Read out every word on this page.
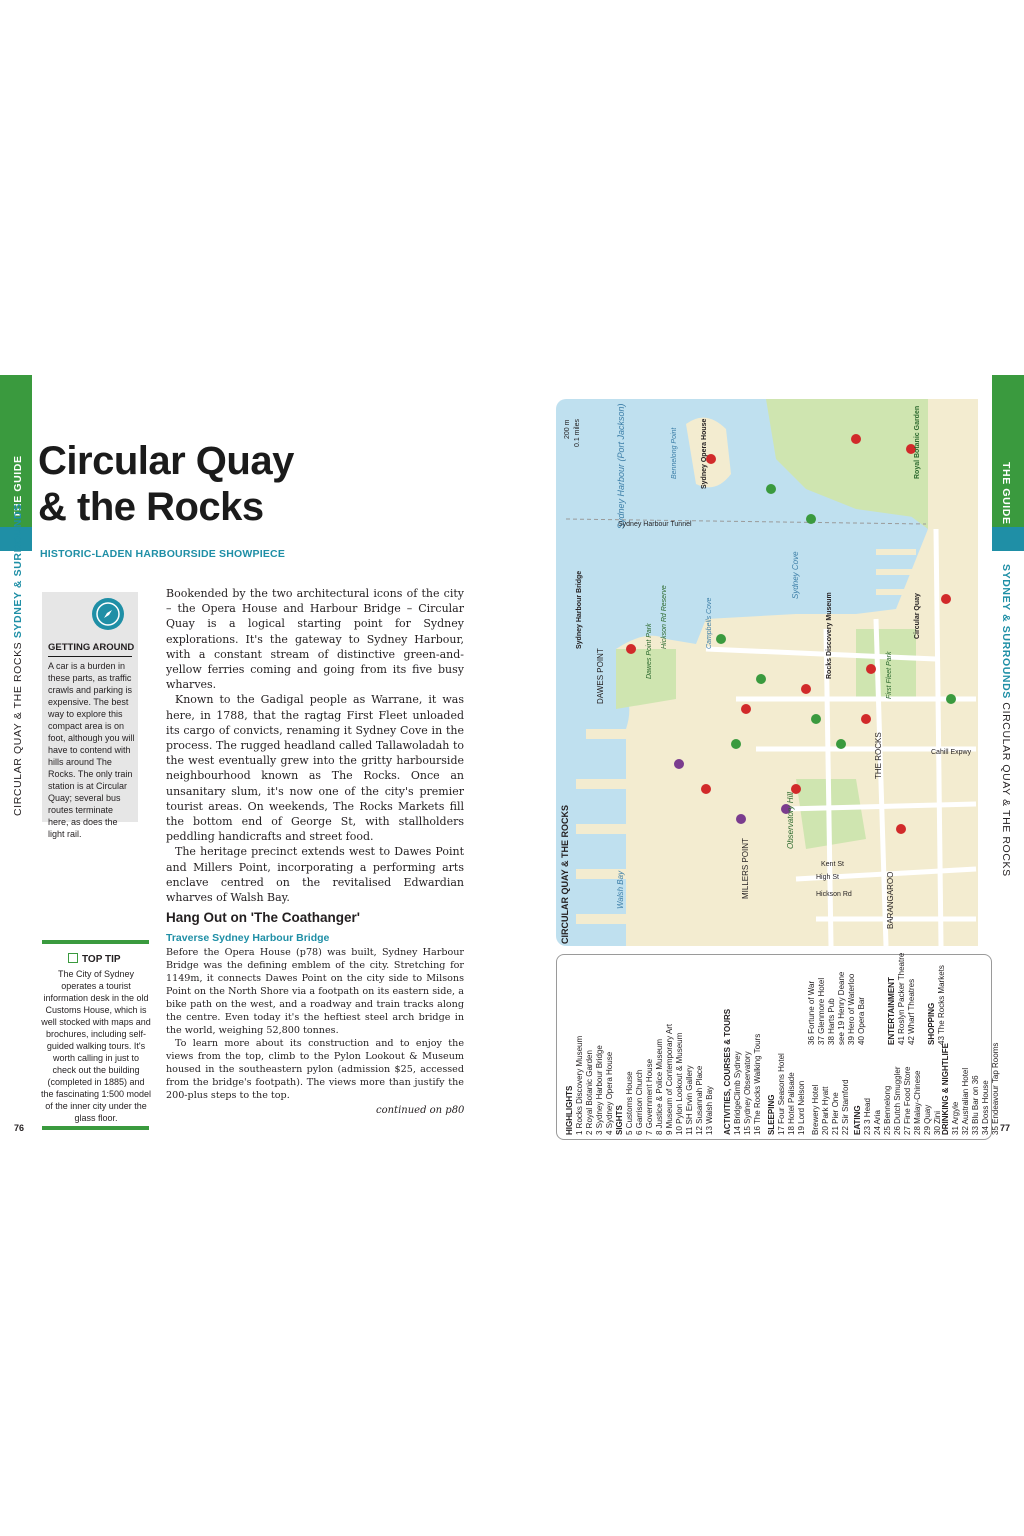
THE GUIDE
CIRCULAR QUAY & THE ROCKS SYDNEY & SURROUNDS
Circular Quay
& the Rocks
HISTORIC-LADEN HARBOURSIDE SHOWPIECE
GETTING AROUND
A car is a burden in these parts, as traffic crawls and parking is expensive. The best way to explore this compact area is on foot, although you will have to contend with hills around The Rocks. The only train station is at Circular Quay; several bus routes terminate here, as does the light rail.

Bookended by the two architectural icons of the city – the Opera House and Harbour Bridge – Circular Quay is a logical starting point for Sydney explorations. It's the gateway to Sydney Harbour, with a constant stream of distinctive green-and-yellow ferries coming and going from its five busy wharves.

Known to the Gadigal people as Warrane, it was here, in 1788, that the ragtag First Fleet unloaded its cargo of convicts, renaming it Sydney Cove in the process. The rugged headland called Tallawoladah to the west eventually grew into the gritty harbourside neighbourhood known as The Rocks. Once an unsanitary slum, it's now one of the city's premier tourist areas. On weekends, The Rocks Markets fill the bottom end of George St, with stallholders peddling handicrafts and street food.

The heritage precinct extends west to Dawes Point and Millers Point, incorporating a performing arts enclave centred on the revitalised Edwardian wharves of Walsh Bay.

Hang Out on 'The Coathanger'
Traverse Sydney Harbour Bridge

Before the Opera House (p78) was built, Sydney Harbour Bridge was the defining emblem of the city. Stretching for 1149m, it connects Dawes Point on the city side to Milsons Point on the North Shore via a footpath on its eastern side, a bike path on the west, and a roadway and train tracks along the centre. Even today it's the heftiest steel arch bridge in the world, weighing 52,800 tonnes.

To learn more about its construction and to enjoy the views from the top, climb to the Pylon Lookout & Museum housed in the southeastern pylon (admission $25, accessed from the bridge's footpath). The views more than justify the 200-plus steps to the top.

continued on p80
TOP TIP
The City of Sydney operates a tourist information desk in the old Customs House, which is well stocked with maps and brochures, including self-guided walking tours. It's worth calling in just to check out the building (completed in 1885) and the fascinating 1:500 model of the inner city under the glass floor.
76
THE GUIDE
SYDNEY & SURROUNDS CIRCULAR QUAY & THE ROCKS
77
CIRCULAR QUAY & THE ROCKS
200 m 0.1 miles	Sydney Harbour (Port Jackson)	Sydney Opera House
Bennelong Point	Royal Botanic Garden
Sydney Harbour Bridge
Dawes Point Park
Hickson Rd Reserve	Campbells Cove
Sydney Cove
Circular Quay
DAWES POINT
MILLERS POINT
Observatory Hill
THE ROCKS
First Fleet Park
Walsh Bay	BARANGAROO
Sydney Harbour Tunnel
Rocks Discovery Museum
Kent St
High St
Hickson Rd
Cahill Expwy
HIGHLIGHTS 1 Rocks Discovery Museum 2 Royal Botanic Garden 3 Sydney Harbour Bridge 4 Sydney Opera House SIGHTS 5 Customs House 6 Garrison Church 7 Government House 8 Justice & Police Museum 9 Museum of Contemporary Art 10 Pylon Lookout & Museum 11 SH Ervin Gallery 12 Susannah Place 13 Walsh Bay ACTIVITIES, COURSES & TOURS 14 BridgeClimb Sydney 15 Sydney Observatory 16 The Rocks Walking Tours SLEEPING 17 Four Seasons Hotel 18 Hotel Palisade 19 Lord Nelson Brewery Hotel 20 Park Hyatt 21 Pier One 22 Sir Stamford EATING 23 3 Head 24 Aria 25 Bennelong 26 Dutch Smuggler 27 Fine Food Store 28 Malay-Chinese 29 Quay 30 Zini DRINKING & NIGHTLIFE 31 Argyle 32 Australian Hotel 33 Blu Bar on 36 34 Doss House 35 Endeavour Tap Rooms
36 Fortune of War 37 Glenmore Hotel 38 Harts Pub see 19 Henry Deane 39 Hero of Waterloo 40 Opera Bar	ENTERTAINMENT 41 Roslyn Packer Theatre 42 Wharf Theatres SHOPPING 43 The Rocks Markets
